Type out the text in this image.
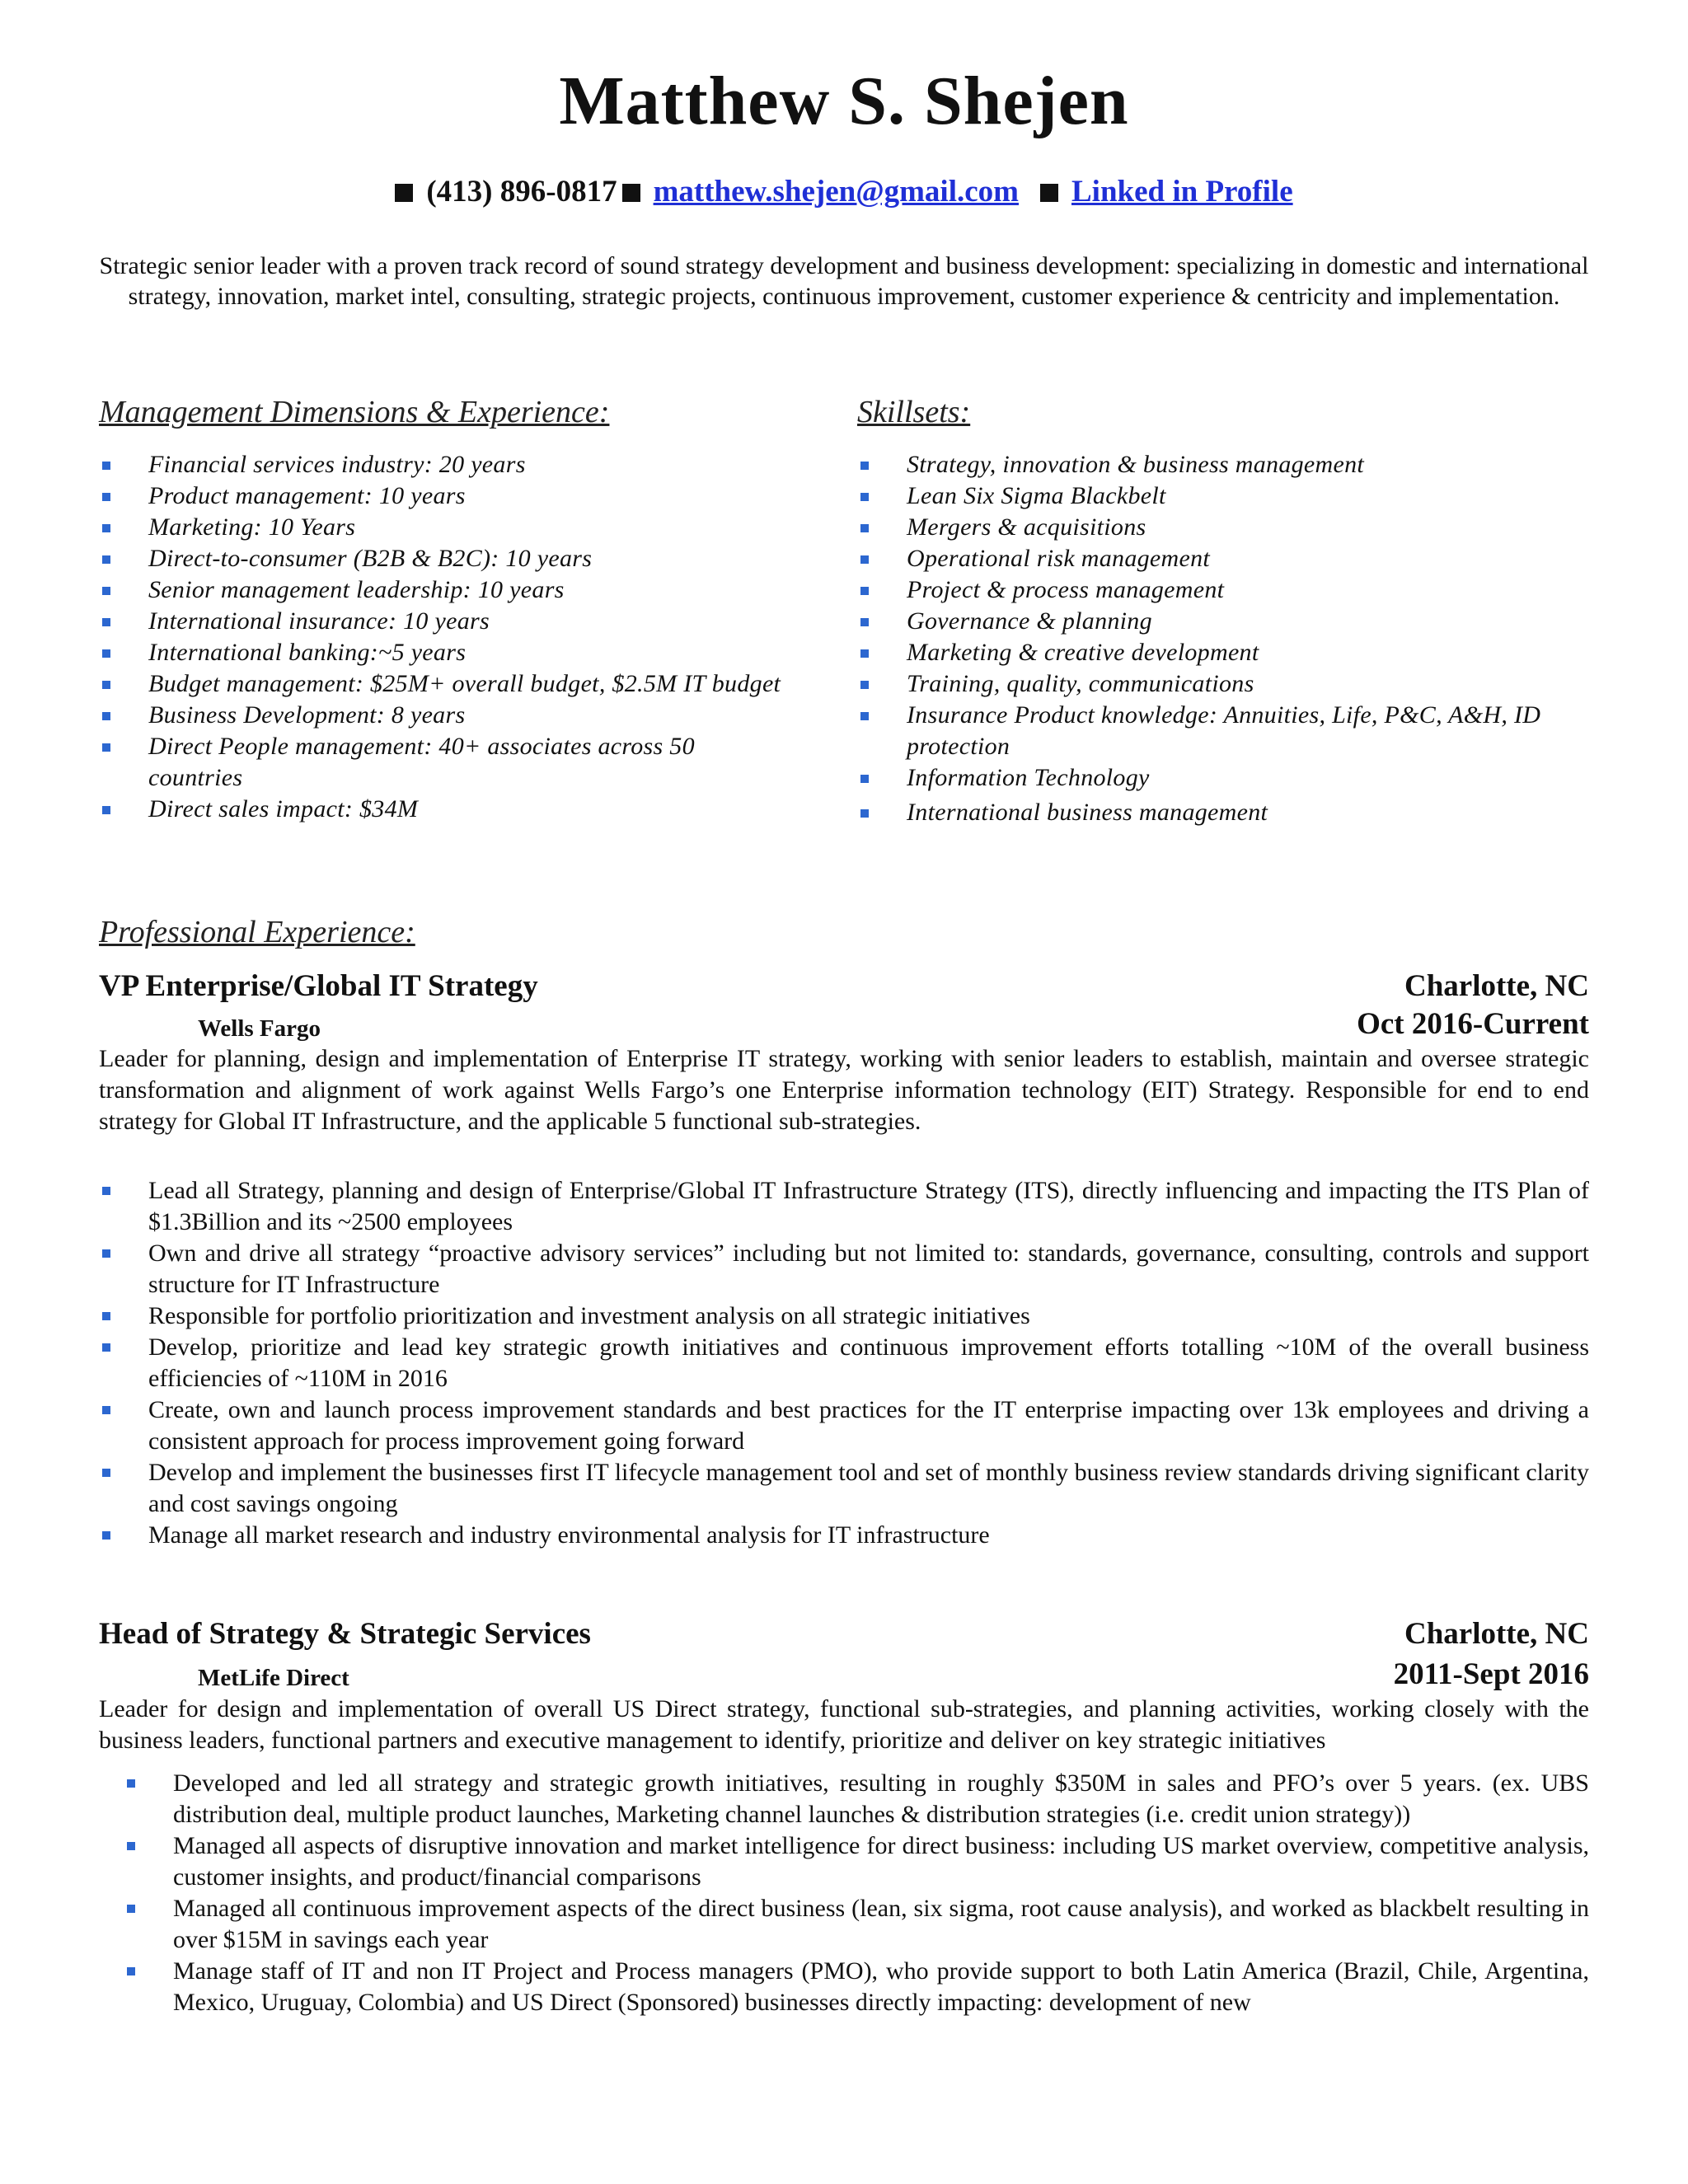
Matthew S. Shejen
(413) 896-0817 matthew.shejen@gmail.com Linked in Profile
Strategic senior leader with a proven track record of sound strategy development and business development: specializing in domestic and international strategy, innovation, market intel, consulting, strategic projects, continuous improvement, customer experience & centricity and implementation.
Management Dimensions & Experience:
Financial services industry: 20 years
Product management: 10 years
Marketing: 10 Years
Direct-to-consumer (B2B & B2C): 10 years
Senior management leadership: 10 years
International insurance: 10 years
International banking:~5 years
Budget management: $25M+ overall budget, $2.5M IT budget
Business Development: 8 years
Direct People management: 40+ associates across 50 countries
Direct sales impact: $34M
Skillsets:
Strategy, innovation & business management
Lean Six Sigma Blackbelt
Mergers & acquisitions
Operational risk management
Project & process management
Governance & planning
Marketing & creative development
Training, quality, communications
Insurance Product knowledge: Annuities, Life, P&C, A&H, ID protection
Information Technology
International business management
Professional Experience:
VP Enterprise/Global IT Strategy	Charlotte, NC
Wells Fargo	Oct 2016-Current
Leader for planning, design and implementation of Enterprise IT strategy, working with senior leaders to establish, maintain and oversee strategic transformation and alignment of work against Wells Fargo’s one Enterprise information technology (EIT) Strategy. Responsible for end to end strategy for Global IT Infrastructure, and the applicable 5 functional sub-strategies.
Lead all Strategy, planning and design of Enterprise/Global IT Infrastructure Strategy (ITS), directly influencing and impacting the ITS Plan of $1.3Billion and its ~2500 employees
Own and drive all strategy “proactive advisory services” including but not limited to: standards, governance, consulting, controls and support structure for IT Infrastructure
Responsible for portfolio prioritization and investment analysis on all strategic initiatives
Develop, prioritize and lead key strategic growth initiatives and continuous improvement efforts totalling ~10M of the overall business efficiencies of ~110M in 2016
Create, own and launch process improvement standards and best practices for the IT enterprise impacting over 13k employees and driving a consistent approach for process improvement going forward
Develop and implement the businesses first IT lifecycle management tool and set of monthly business review standards driving significant clarity and cost savings ongoing
Manage all market research and industry environmental analysis for IT infrastructure
Head of Strategy & Strategic Services	Charlotte, NC
MetLife Direct	2011-Sept 2016
Leader for design and implementation of overall US Direct strategy, functional sub-strategies, and planning activities, working closely with the business leaders, functional partners and executive management to identify, prioritize and deliver on key strategic initiatives
Developed and led all strategy and strategic growth initiatives, resulting in roughly $350M in sales and PFO’s over 5 years. (ex. UBS distribution deal, multiple product launches, Marketing channel launches & distribution strategies (i.e. credit union strategy))
Managed all aspects of disruptive innovation and market intelligence for direct business: including US market overview, competitive analysis, customer insights, and product/financial comparisons
Managed all continuous improvement aspects of the direct business (lean, six sigma, root cause analysis), and worked as blackbelt resulting in over $15M in savings each year
Manage staff of IT and non IT Project and Process managers (PMO), who provide support to both Latin America (Brazil, Chile, Argentina, Mexico, Uruguay, Colombia) and US Direct (Sponsored) businesses directly impacting: development of new
